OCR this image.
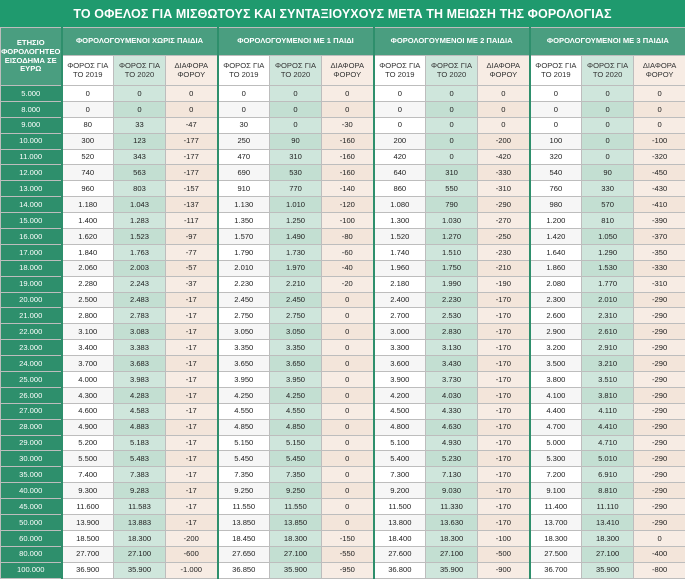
ΤΟ ΟΦΕΛΟΣ ΓΙΑ ΜΙΣΘΩΤΟΥΣ ΚΑΙ ΣΥΝΤΑΞΙΟΥΧΟΥΣ ΜΕΤΑ ΤΗ ΜΕΙΩΣΗ ΤΗΣ ΦΟΡΟΛΟΓΙΑΣ
ΕΤΗΣΙΟ ΦΟΡΟΛΟΓΗΤΕΟ ΕΙΣΟΔΗΜΑ ΣΕ ΕΥΡΩ	ΦΟΡΟΛΟΓΟΥΜΕΝΟΙ ΧΩΡΙΣ ΠΑΙΔΙΑ			ΦΟΡΟΛΟΓΟΥΜΕΝΟΙ ΜΕ 1 ΠΑΙΔΙ			ΦΟΡΟΛΟΓΟΥΜΕΝΟΙ ΜΕ 2 ΠΑΙΔΙΑ			ΦΟΡΟΛΟΓΟΥΜΕΝΟΙ ΜΕ 3 ΠΑΙΔΙΑ		
	ΦΟΡΟΣ ΓΙΑ ΤΟ 2019	ΦΟΡΟΣ ΓΙΑ ΤΟ 2020	ΔΙΑΦΟΡΑ ΦΟΡΟΥ	ΦΟΡΟΣ ΓΙΑ ΤΟ 2019	ΦΟΡΟΣ ΓΙΑ ΤΟ 2020	ΔΙΑΦΟΡΑ ΦΟΡΟΥ	ΦΟΡΟΣ ΓΙΑ ΤΟ 2019	ΦΟΡΟΣ ΓΙΑ ΤΟ 2020	ΔΙΑΦΟΡΑ ΦΟΡΟΥ	ΦΟΡΟΣ ΓΙΑ ΤΟ 2019	ΦΟΡΟΣ ΓΙΑ ΤΟ 2020	ΔΙΑΦΟΡΑ ΦΟΡΟΥ
5.000	0	0	0	0	0	0	0	0	0	0	0	0
8.000	0	0	0	0	0	0	0	0	0	0	0	0
9.000	80	33	-47	30	0	-30	0	0	0	0	0	0
10.000	300	123	-177	250	90	-160	200	0	-200	100	0	-100
11.000	520	343	-177	470	310	-160	420	0	-420	320	0	-320
12.000	740	563	-177	690	530	-160	640	310	-330	540	90	-450
13.000	960	803	-157	910	770	-140	860	550	-310	760	330	-430
14.000	1.180	1.043	-137	1.130	1.010	-120	1.080	790	-290	980	570	-410
15.000	1.400	1.283	-117	1.350	1.250	-100	1.300	1.030	-270	1.200	810	-390
16.000	1.620	1.523	-97	1.570	1.490	-80	1.520	1.270	-250	1.420	1.050	-370
17.000	1.840	1.763	-77	1.790	1.730	-60	1.740	1.510	-230	1.640	1.290	-350
18.000	2.060	2.003	-57	2.010	1.970	-40	1.960	1.750	-210	1.860	1.530	-330
19.000	2.280	2.243	-37	2.230	2.210	-20	2.180	1.990	-190	2.080	1.770	-310
20.000	2.500	2.483	-17	2.450	2.450	0	2.400	2.230	-170	2.300	2.010	-290
21.000	2.800	2.783	-17	2.750	2.750	0	2.700	2.530	-170	2.600	2.310	-290
22.000	3.100	3.083	-17	3.050	3.050	0	3.000	2.830	-170	2.900	2.610	-290
23.000	3.400	3.383	-17	3.350	3.350	0	3.300	3.130	-170	3.200	2.910	-290
24.000	3.700	3.683	-17	3.650	3.650	0	3.600	3.430	-170	3.500	3.210	-290
25.000	4.000	3.983	-17	3.950	3.950	0	3.900	3.730	-170	3.800	3.510	-290
26.000	4.300	4.283	-17	4.250	4.250	0	4.200	4.030	-170	4.100	3.810	-290
27.000	4.600	4.583	-17	4.550	4.550	0	4.500	4.330	-170	4.400	4.110	-290
28.000	4.900	4.883	-17	4.850	4.850	0	4.800	4.630	-170	4.700	4.410	-290
29.000	5.200	5.183	-17	5.150	5.150	0	5.100	4.930	-170	5.000	4.710	-290
30.000	5.500	5.483	-17	5.450	5.450	0	5.400	5.230	-170	5.300	5.010	-290
35.000	7.400	7.383	-17	7.350	7.350	0	7.300	7.130	-170	7.200	6.910	-290
40.000	9.300	9.283	-17	9.250	9.250	0	9.200	9.030	-170	9.100	8.810	-290
45.000	11.600	11.583	-17	11.550	11.550	0	11.500	11.330	-170	11.400	11.110	-290
50.000	13.900	13.883	-17	13.850	13.850	0	13.800	13.630	-170	13.700	13.410	-290
60.000	18.500	18.300	-200	18.450	18.300	-150	18.400	18.300	-100	18.300	18.300	0
80.000	27.700	27.100	-600	27.650	27.100	-550	27.600	27.100	-500	27.500	27.100	-400
100.000	36.900	35.900	-1.000	36.850	35.900	-950	36.800	35.900	-900	36.700	35.900	-800
